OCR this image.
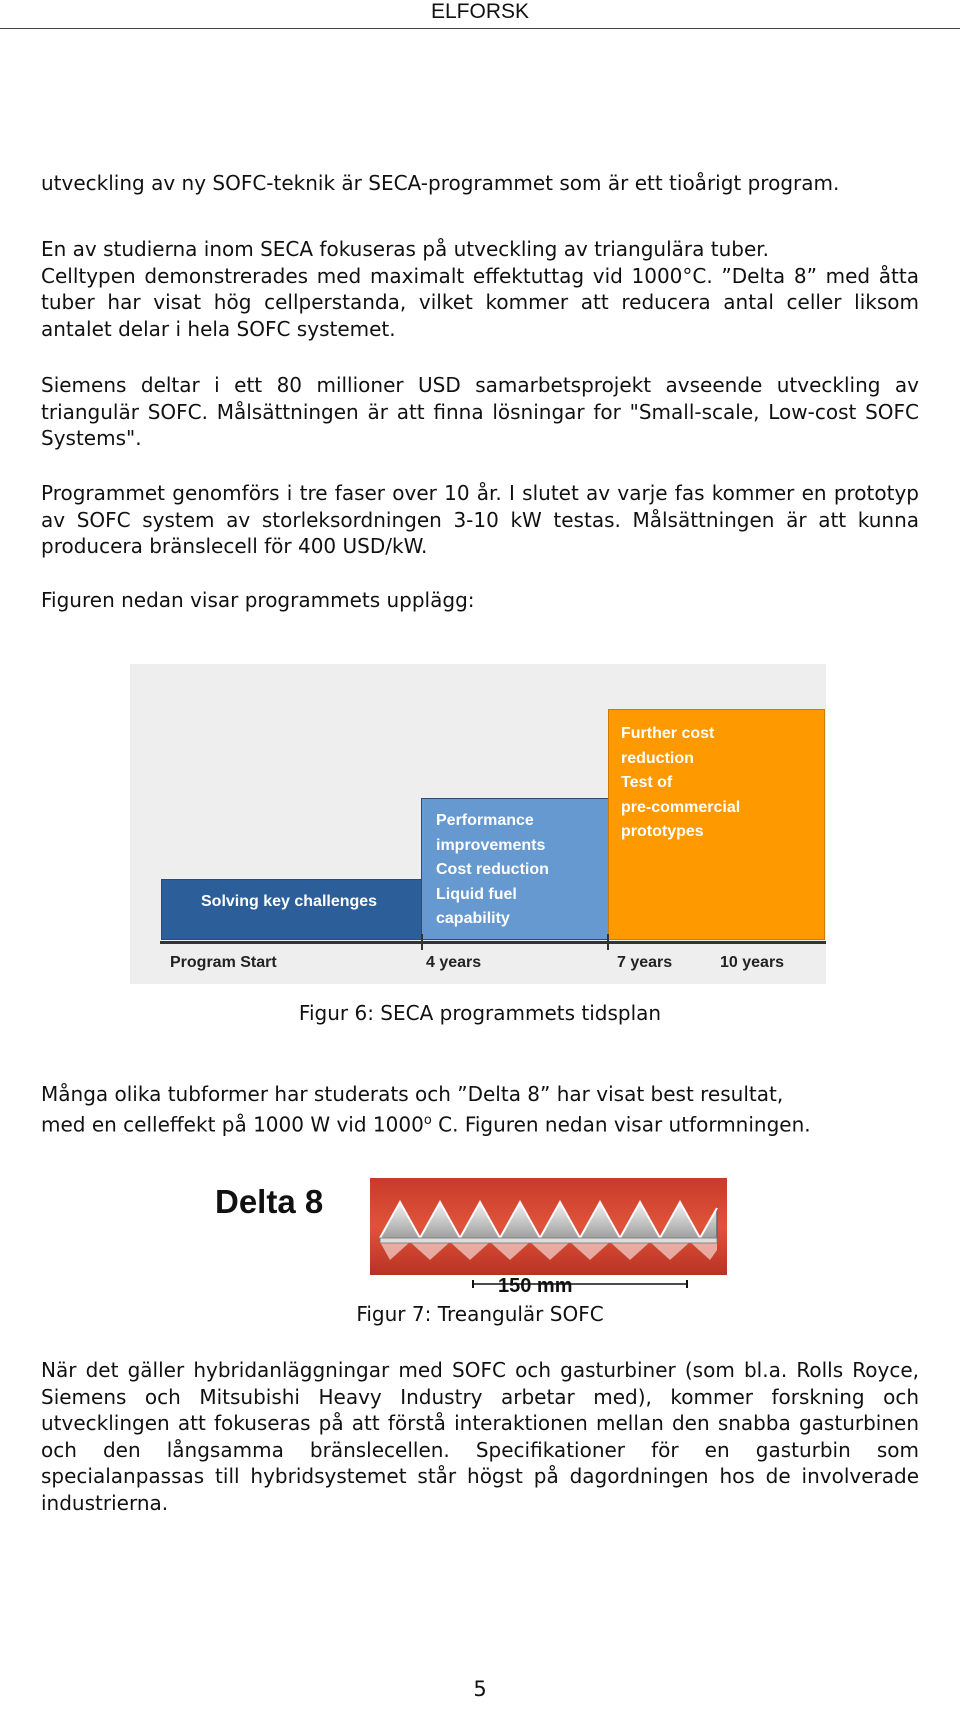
ELFORSK

utveckling av ny SOFC-teknik är SECA-programmet som är ett tioårigt program.

En av studierna inom SECA fokuseras på utveckling av triangulära tuber.
Celltypen demonstrerades med maximalt effektuttag vid 1000°C. ”Delta 8” med åtta tuber har visat hög cellperstanda, vilket kommer att reducera antal celler liksom antalet delar i hela SOFC systemet.

Siemens deltar i ett 80 millioner USD samarbetsprojekt avseende utveckling av triangulär SOFC. Målsättningen är att finna lösningar for "Small-scale, Low-cost SOFC Systems".

Programmet genomförs i tre faser over 10 år. I slutet av varje fas kommer en prototyp av SOFC system av storleksordningen 3-10 kW testas. Målsättningen är att kunna producera bränslecell för 400 USD/kW.

Figuren nedan visar programmets upplägg:

Solving key challenges
Performance
improvements
Cost reduction
Liquid fuel
capability
Further cost
reduction
Test of
pre-commercial
prototypes
Program Start	4 years	7 years	10 years
Figur 6: SECA programmets tidsplan

Många olika tubformer har studerats och ”Delta 8” har visat best resultat,
med en celleffekt på 1000 W vid 1000$^o$ C. Figuren nedan visar utformningen.

Delta 8
150 mm
Figur 7: Treangulär SOFC

När det gäller hybridanläggningar med SOFC och gasturbiner (som bl.a. Rolls Royce, Siemens och Mitsubishi Heavy Industry arbetar med), kommer forskning och utvecklingen att fokuseras på att förstå interaktionen mellan den snabba gasturbinen och den långsamma bränslecellen. Specifikationer för en gasturbin som specialanpassas till hybridsystemet står högst på dagordningen hos de involverade industrierna.

5
